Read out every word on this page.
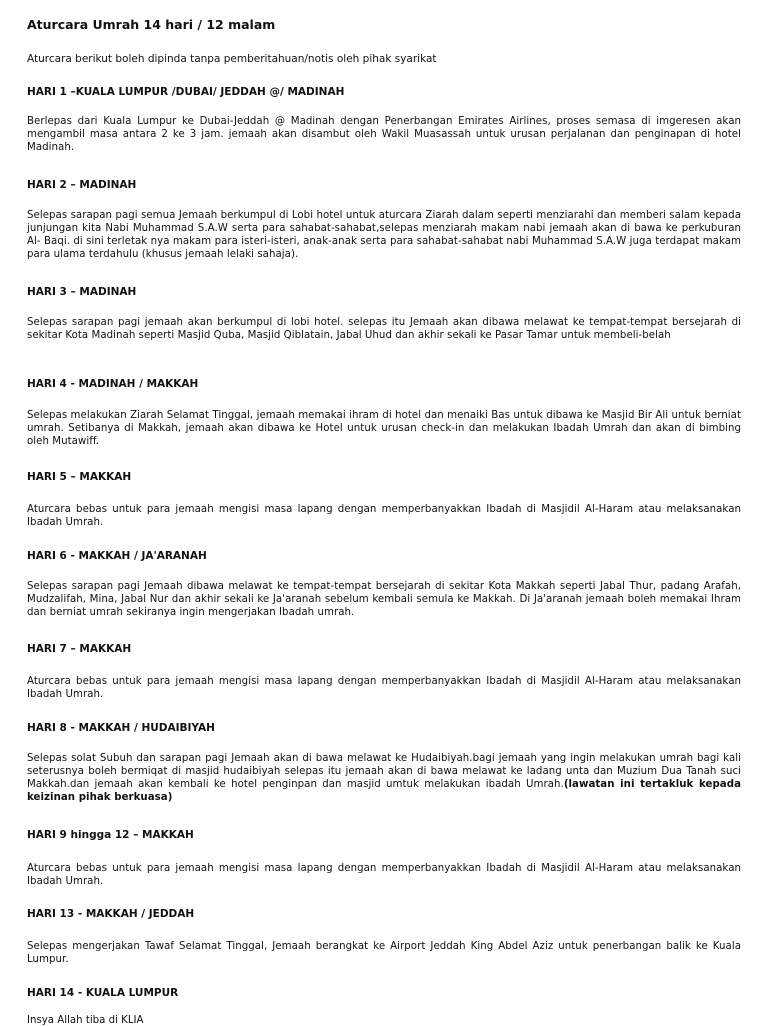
Aturcara Umrah 14 hari / 12 malam
Aturcara berikut boleh dipinda tanpa pemberitahuan/notis oleh pihak syarikat
HARI 1 –KUALA LUMPUR /DUBAI/ JEDDAH @/ MADINAH
Berlepas dari Kuala Lumpur ke Dubai-Jeddah @ Madinah dengan Penerbangan Emirates Airlines, proses semasa di imgeresen akan mengambil masa antara 2 ke 3 jam. jemaah akan disambut oleh Wakil Muasassah untuk urusan perjalanan dan penginapan di hotel Madinah.
HARI 2 – MADINAH
Selepas sarapan pagi semua Jemaah berkumpul di Lobi hotel untuk aturcara Ziarah dalam seperti menziarahi dan memberi salam kepada junjungan kita Nabi Muhammad S.A.W serta para sahabat-sahabat,selepas menziarah makam nabi jemaah akan di bawa ke perkuburan Al- Baqi. di sini terletak nya makam para isteri-isteri, anak-anak serta para sahabat-sahabat nabi Muhammad S.A.W juga terdapat makam para ulama terdahulu (khusus jemaah lelaki sahaja).
HARI 3 – MADINAH
Selepas sarapan pagi jemaah akan berkumpul di lobi hotel. selepas itu Jemaah akan dibawa melawat ke tempat-tempat bersejarah di sekitar Kota Madinah seperti Masjid Quba, Masjid Qiblatain, Jabal Uhud dan akhir sekali ke Pasar Tamar untuk membeli-belah
HARI 4 - MADINAH / MAKKAH
Selepas melakukan Ziarah Selamat Tinggal, jemaah memakai ihram di hotel dan menaiki Bas untuk dibawa ke Masjid Bir Ali untuk berniat umrah. Setibanya di Makkah, jemaah akan dibawa ke Hotel untuk urusan check-in dan melakukan Ibadah Umrah dan akan di bimbing oleh Mutawiff.
HARI 5 – MAKKAH
Aturcara bebas untuk para jemaah mengisi masa lapang dengan memperbanyakkan Ibadah di Masjidil Al-Haram atau melaksanakan Ibadah Umrah.
HARI 6 - MAKKAH / JA'ARANAH
Selepas sarapan pagi Jemaah dibawa melawat ke tempat-tempat bersejarah di sekitar Kota Makkah seperti Jabal Thur, padang Arafah, Mudzalifah, Mina, Jabal Nur dan akhir sekali ke Ja'aranah sebelum kembali semula ke Makkah. Di Ja'aranah jemaah boleh memakai Ihram dan berniat umrah sekiranya ingin mengerjakan Ibadah umrah.
HARI 7 – MAKKAH
Aturcara bebas untuk para jemaah mengisi masa lapang dengan memperbanyakkan Ibadah di Masjidil Al-Haram atau melaksanakan Ibadah Umrah.
HARI 8 - MAKKAH / HUDAIBIYAH
Selepas solat Subuh dan sarapan pagi Jemaah akan di bawa melawat ke Hudaibiyah.bagi jemaah yang ingin melakukan umrah bagi kali seterusnya boleh bermiqat di masjid hudaibiyah selepas itu jemaah akan di bawa melawat ke ladang unta dan Muzium Dua Tanah suci Makkah.dan jemaah akan kembali ke hotel penginpan dan masjid umtuk melakukan ibadah Umrah.(lawatan ini tertakluk kepada keizinan pihak berkuasa)
HARI 9 hingga 12 – MAKKAH
Aturcara bebas untuk para jemaah mengisi masa lapang dengan memperbanyakkan Ibadah di Masjidil Al-Haram atau melaksanakan Ibadah Umrah.
HARI 13 - MAKKAH / JEDDAH
Selepas mengerjakan Tawaf Selamat Tinggal, Jemaah berangkat ke Airport Jeddah King Abdel Aziz untuk penerbangan balik ke Kuala Lumpur.
HARI 14 - KUALA LUMPUR
Insya Allah tiba di KLIA
